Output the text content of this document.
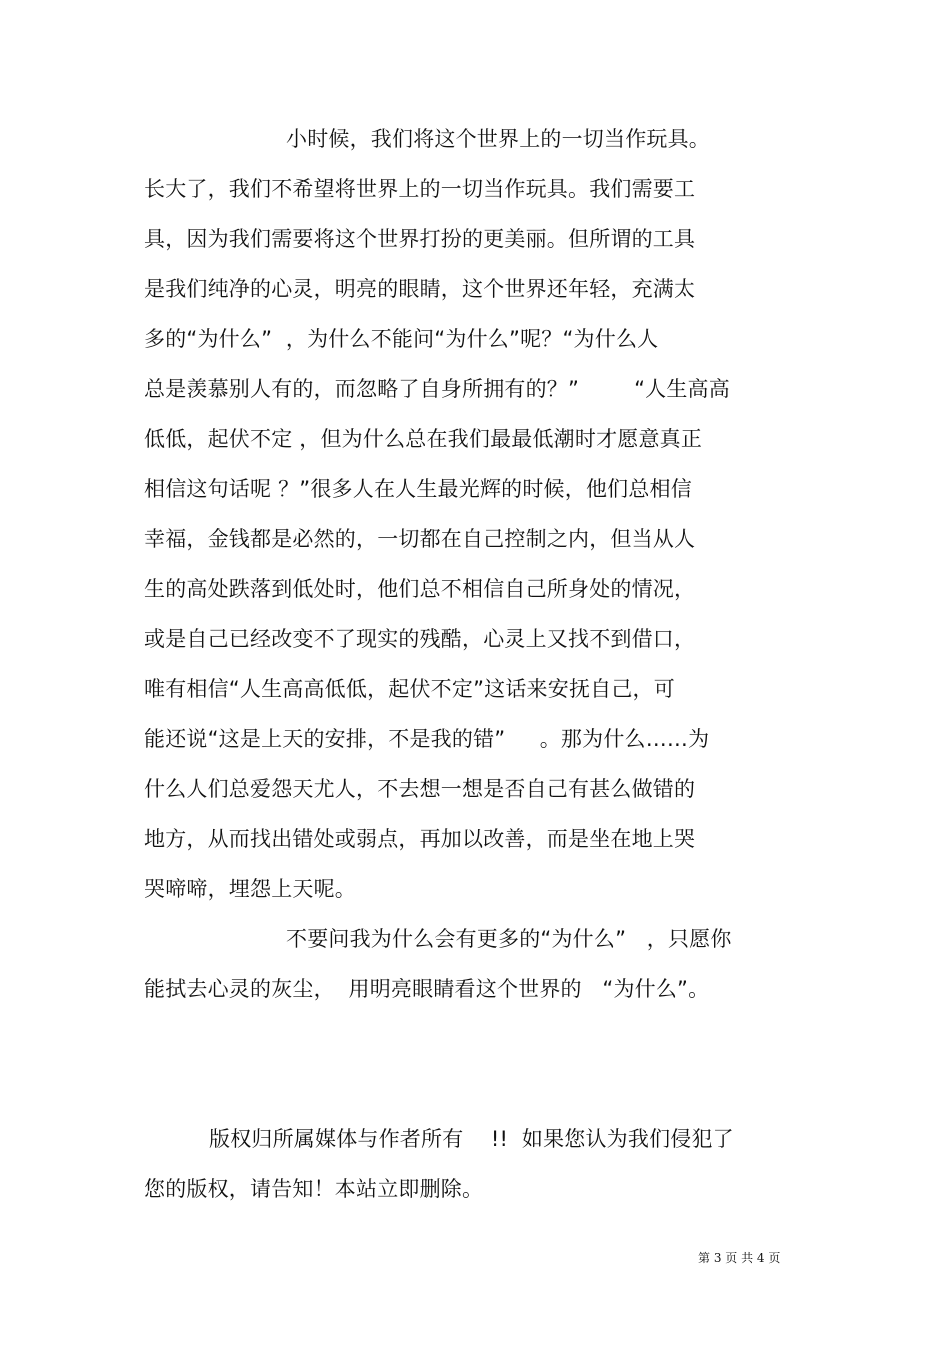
小时候，我们将这个世界上的一切当作玩具。
长大了，我们不希望将世界上的一切当作玩具。我们需要工
具，因为我们需要将这个世界打扮的更美丽。但所谓的工具
是我们纯净的心灵，明亮的眼睛，这个世界还年轻，充满太
多的“为什么”  ，为什么不能问“为什么”呢？“为什么人
总是羡慕别人有的，而忽略了自身所拥有的？”        “人生高高
低低，起伏不定 ，但为什么总在我们最最低潮时才愿意真正
相信这句话呢 ？”很多人在人生最光辉的时候，他们总相信
幸福，金钱都是必然的，一切都在自己控制之内，但当从人
生的高处跌落到低处时，他们总不相信自己所身处的情况，
或是自己已经改变不了现实的残酷，心灵上又找不到借口，
唯有相信“人生高高低低，起伏不定”这话来安抚自己，可
能还说“这是上天的安排，不是我的错”     。那为什么……为
什么人们总爱怨天尤人，不去想一想是否自己有甚么做错的
地方，从而找出错处或弱点，再加以改善，而是坐在地上哭
哭啼啼，埋怨上天呢。
不要问我为什么会有更多的“为什么”   ，只愿你
能拭去心灵的灰尘，  用明亮眼睛看这个世界的   “为什么”。
版权归所属媒体与作者所有    !!  如果您认为我们侵犯了
您的版权，请告知！本站立即删除。
第 3 页 共 4 页
